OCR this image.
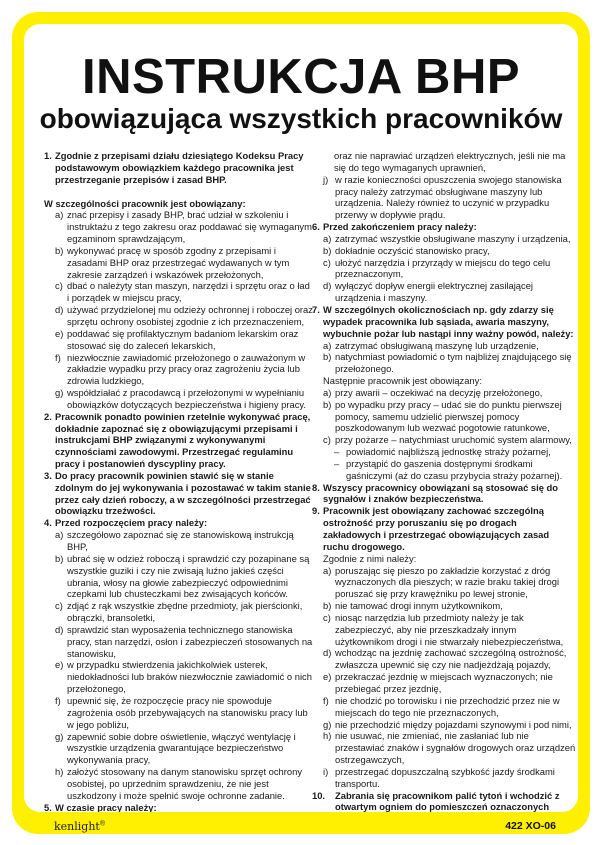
INSTRUKCJA BHP
obowiązująca wszystkich pracowników
1. Zgodnie z przepisami działu dziesiątego Kodeksu Pracy podstawowym obowiązkiem każdego pracownika jest przestrzeganie przepisów i zasad BHP.

W szczególności pracownik jest obowiązany:

a) znać przepisy i zasady BHP, brać udział w szkoleniu i instruktażu z tego zakresu oraz poddawać się wymaganym egzaminom sprawdzającym,
b) wykonywać pracę w sposób zgodny z przepisami i zasadami BHP oraz przestrzegać wydawanych w tym zakresie zarządzeń i wskazówek przełożonych,
c) dbać o należyty stan maszyn, narzędzi i sprzętu oraz o ład i porządek w miejscu pracy,
d) używać przydzielonej mu odzieży ochronnej i roboczej oraz sprzętu ochrony osobistej zgodnie z ich przeznaczeniem,
e) poddawać się profilaktycznym badaniom lekarskim oraz stosować się do zaleceń lekarskich,
f) niezwłocznie zawiadomić przełożonego o zauważonym w zakładzie wypadku przy pracy oraz zagrożeniu życia lub zdrowia ludzkiego,
g) współdziałać z pracodawcą i przełożonymi w wypełnianiu obowiązków dotyczących bezpieczeństwa i higieny pracy.
2. Pracownik ponadto powinien rzetelnie wykonywać pracę, dokładnie zapoznać się z obowiązującymi przepisami i instrukcjami BHP związanymi z wykonywanymi czynnościami zawodowymi. Przestrzegać regulaminu pracy i postanowień dyscypliny pracy.
3. Do pracy pracownik powinien stawić się w stanie zdolnym do jej wykonywania i pozostawać w takim stanie przez cały dzień roboczy, a w szczególności przestrzegać obowiązku trzeźwości.
4. Przed rozpoczęciem pracy należy:
a) szczegółowo zapoznać się ze stanowiskową instrukcją BHP,
b) ubrać się w odzież roboczą i sprawdzić czy pozapinane są wszystkie guziki i czy nie zwisają luźno jakieś części ubrania, włosy na głowie zabezpieczyć odpowiednimi czepkami lub chusteczkami bez zwisających końców.
c) zdjąć z rąk wszystkie zbędne przedmioty, jak pierścionki, obrączki, bransoletki,
d) sprawdzić stan wyposażenia technicznego stanowiska pracy, stan narzędzi, osłon i zabezpieczeń stosowanych na stanowisku,
e) w przypadku stwierdzenia jakichkolwiek usterek, niedokładności lub braków niezwłocznie zawiadomić o nich przełożonego,
f) upewnić się, że rozpoczęcie pracy nie spowoduje zagrożenia osób przebywających na stanowisku pracy lub w jego pobliżu,
g) zapewnić sobie dobre oświetlenie, włączyć wentylację i wszystkie urządzenia gwarantujące bezpieczeństwo wykonywania pracy,
h) założyć stosowany na danym stanowisku sprzęt ochrony osobistej, po uprzednim sprawdzeniu, że nie jest uszkodzony i może spełnić swoje ochronne zadanie.
5. W czasie pracy należy:

oraz nie naprawiać urządzeń elektrycznych, jeśli nie ma się do tego wymaganych uprawnień,

j) w razie konieczności opuszczenia swojego stanowiska pracy należy zatrzymać obsługiwane maszyny lub urządzenia. Należy również to uczynić w przypadku przerwy w dopływie prądu.
6. Przed zakończeniem pracy należy:
a) zatrzymać wszystkie obsługiwane maszyny i urządzenia,
b) dokładnie oczyścić stanowisko pracy,
c) ułożyć narzędzia i przyrządy w miejscu do tego celu przeznaczonym,
d) wyłączyć dopływ energii elektrycznej zasilającej urządzenia i maszyny.
7. W szczególnych okolicznościach np. gdy zdarzy się wypadek pracownika lub sąsiada, awaria maszyny, wybuchnie pożar lub nastąpi inny ważny powód, należy:
a) zatrzymać obsługiwaną maszynę lub urządzenie,
b) natychmiast powiadomić o tym najbliżej znajdującego się przełożonego.

Następnie pracownik jest obowiązany:

a) przy awarii – oczekiwać na decyzję przełożonego,
b) po wypadku przy pracy – udać sie do punktu pierwszej pomocy, samemu udzielić pierwszej pomocy poszkodowanym lub wezwać pogotowie ratunkowe,
c) przy pożarze – natychmiast uruchomić system alarmowy,
– powiadomić najbliższą jednostkę straży pożarnej,
– przystąpić do gaszenia dostępnymi środkami gaśniczymi (aż do czasu przybycia straży pożarnej).
8. Wszyscy pracownicy obowiązani są stosować się do sygnałów i znaków bezpieczeństwa.
9. Pracownik jest obowiązany zachować szczególną ostrożność przy poruszaniu się po drogach zakładowych i przestrzegać obowiązujących zasad ruchu drogowego.

Zgodnie z nimi należy:

a) poruszając się pieszo po zakładzie korzystać z dróg wyznaczonych dla pieszych; w razie braku takiej drogi poruszać się przy krawężniku po lewej stronie,
b) nie tamować drogi innym użytkownikom,
c) niosąc narzędzia lub przedmioty należy je tak zabezpieczyć, aby nie przeszkadzały innym użytkownikom drogi i nie stwarzały niebezpieczeństwa,
d) wchodząc na jezdnię zachować szczególną ostrożność, zwłaszcza upewnić się czy nie nadjeżdżają pojazdy,
e) przekraczać jezdnię w miejscach wyznaczonych; nie przebiegać przez jezdnię,
f) nie chodzić po torowisku i nie przechodzić przez nie w miejscach do tego nie przeznaczonych,
g) nie przechodzić między pojazdami szynowymi i pod nimi,
h) nie usuwać, nie zmieniać, nie zasłaniać lub nie przestawiać znaków i sygnałów drogowych oraz urządzeń ostrzegawczych,
i) przestrzegać dopuszczalną szybkość jazdy środkami transportu.
10.	Zabrania się pracownikom palić tytoń i wchodzić z otwartym ogniem do pomieszczeń oznaczonych
kenlight®	422 XO-06
